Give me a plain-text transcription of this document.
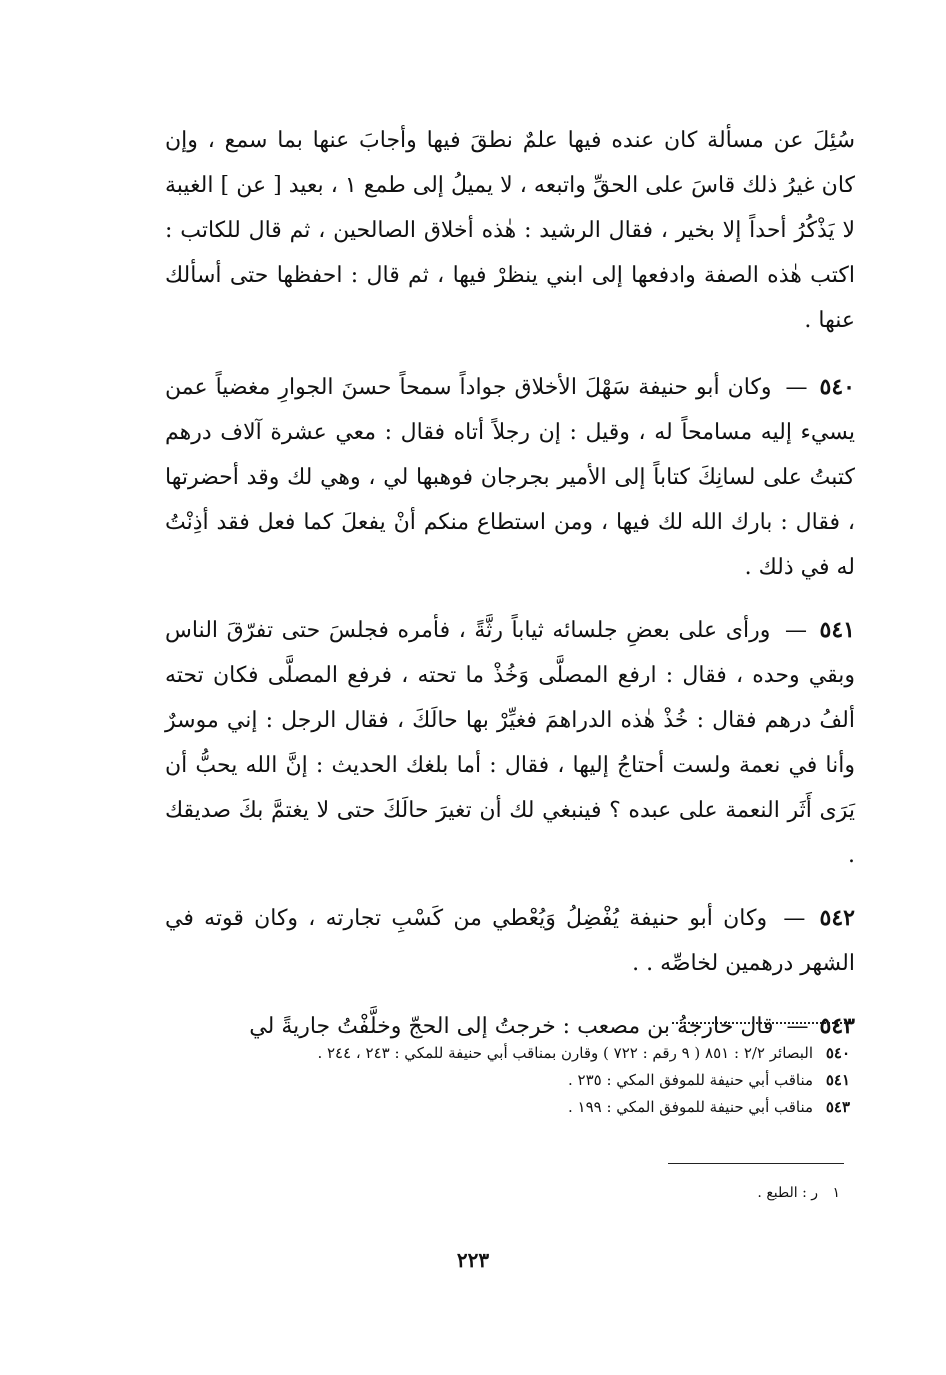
سُئِلَ عن مسألة كان عنده فيها علمٌ نطقَ فيها وأجابَ عنها بما سمع ، وإن كان غيرُ ذلك قاسَ على الحقِّ واتبعه ، لا يميلُ إلى طمع ١ ، بعيد [ عن ] الغيبة لا يَذْكُرُ أحداً إلا بخير ، فقال الرشيد : هٰذه أخلاق الصالحين ، ثم قال للكاتب : اكتب هٰذه الصفة وادفعها إلى ابني ينظرْ فيها ، ثم قال : احفظها حتى أسألك عنها .

٥٤٠ — وكان أبو حنيفة سَهْلَ الأخلاق جواداً سمحاً حسنَ الجوارِ مغضياً عمن يسيء إليه مسامحاً له ، وقيل : إن رجلاً أتاه فقال : معي عشرة آلاف درهم كتبتُ على لسانِكَ كتاباً إلى الأمير بجرجان فوهبها لي ، وهي لك وقد أحضرتها ، فقال : بارك الله لك فيها ، ومن استطاع منكم أنْ يفعلَ كما فعل فقد أذِنْتُ له في ذلك .

٥٤١ — ورأى على بعضِ جلسائه ثياباً رثَّةً ، فأمره فجلسَ حتى تفرّقَ الناس وبقي وحده ، فقال : ارفع المصلَّى وَخُذْ ما تحته ، فرفع المصلَّى فكان تحته ألفُ درهم فقال : خُذْ هٰذه الدراهمَ فغيِّرْ بها حالَكَ ، فقال الرجل : إني موسرٌ وأنا في نعمة ولست أحتاجُ إليها ، فقال : أما بلغك الحديث : إنَّ الله يحبُّ أن يَرَى أَثَر النعمة على عبده ؟ فينبغي لك أن تغيرَ حالَكَ حتى لا يغتمَّ بكَ صديقك .

٥٤٢ — وكان أبو حنيفة يُفْضِلُ وَيُعْطي من كَسْبِ تجارته ، وكان قوته في الشهر درهمين لخاصِّه . .

٥٤٣ — قال خارجةُ بن مصعب : خرجتُ إلى الحجّ وخلَّفْتُ جاريةً لي

٥٤٠ البصائر ٢/٢ : ٨٥١ ( ٩ رقم : ٧٢٢ ) وقارن بمناقب أبي حنيفة للمكي : ٢٤٣ ، ٢٤٤ .
٥٤١ مناقب أبي حنيفة للموفق المكي : ٢٣٥ .
٥٤٣ مناقب أبي حنيفة للموفق المكي : ١٩٩ .
١ ر : الطبع .
٢٢٣
